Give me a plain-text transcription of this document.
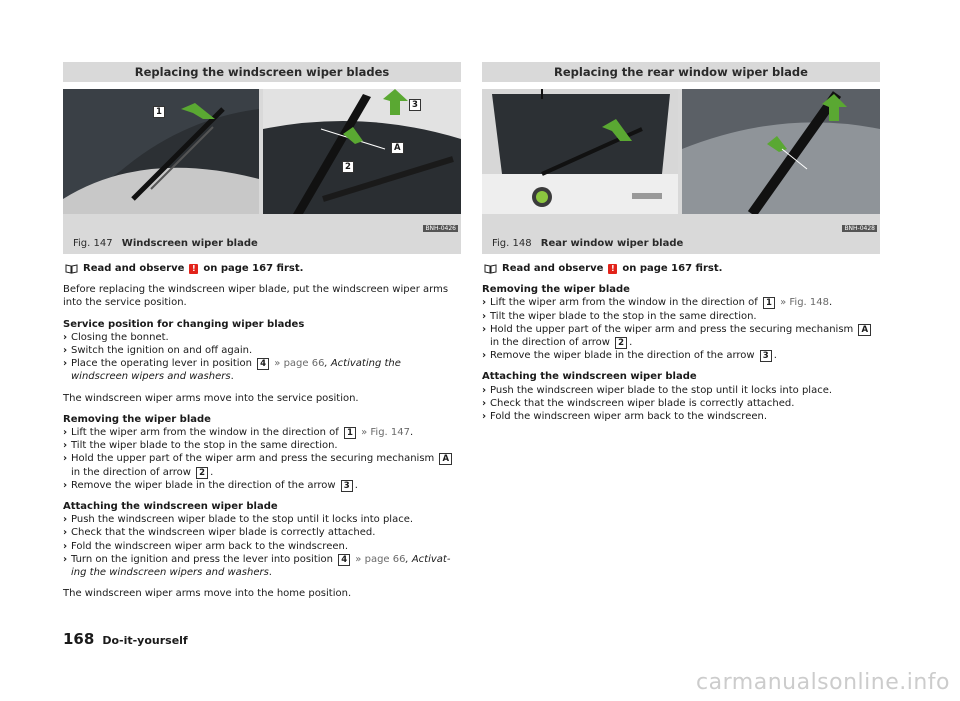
Replacing the windscreen wiper blades
1
3
A
2
BNH-0426
Fig. 147 Windscreen wiper blade
Read and observe ! on page 167 first.

Before replacing the windscreen wiper blade, put the windscreen wiper arms into the service position.

Service position for changing wiper blades
› Closing the bonnet.
› Switch the ignition on and off again.
› Place the operating lever in position 4 » page 66, Activating the windscreen wipers and washers.

The windscreen wiper arms move into the service position.

Removing the wiper blade
› Lift the wiper arm from the window in the direction of 1 » Fig. 147.
› Tilt the wiper blade to the stop in the same direction.
› Hold the upper part of the wiper arm and press the securing mechanism A in the direction of arrow 2 .
› Remove the wiper blade in the direction of the arrow 3 .
Attaching the windscreen wiper blade
› Push the windscreen wiper blade to the stop until it locks into place.
› Check that the windscreen wiper blade is correctly attached.
› Fold the windscreen wiper arm back to the windscreen.
› Turn on the ignition and press the lever into position 4 » page 66, Activat-ing the windscreen wipers and washers.

The windscreen wiper arms move into the home position.

Replacing the rear window wiper blade
BNH-0428
Fig. 148 Rear window wiper blade
Read and observe ! on page 167 first.
Removing the wiper blade
› Lift the wiper arm from the window in the direction of 1 » Fig. 148.
› Tilt the wiper blade to the stop in the same direction.
› Hold the upper part of the wiper arm and press the securing mechanism A in the direction of arrow 2 .
› Remove the wiper blade in the direction of the arrow 3 .
Attaching the windscreen wiper blade
› Push the windscreen wiper blade to the stop until it locks into place.
› Check that the windscreen wiper blade is correctly attached.
› Fold the windscreen wiper arm back to the windscreen.
168 Do-it-yourself
carmanualsonline.info
